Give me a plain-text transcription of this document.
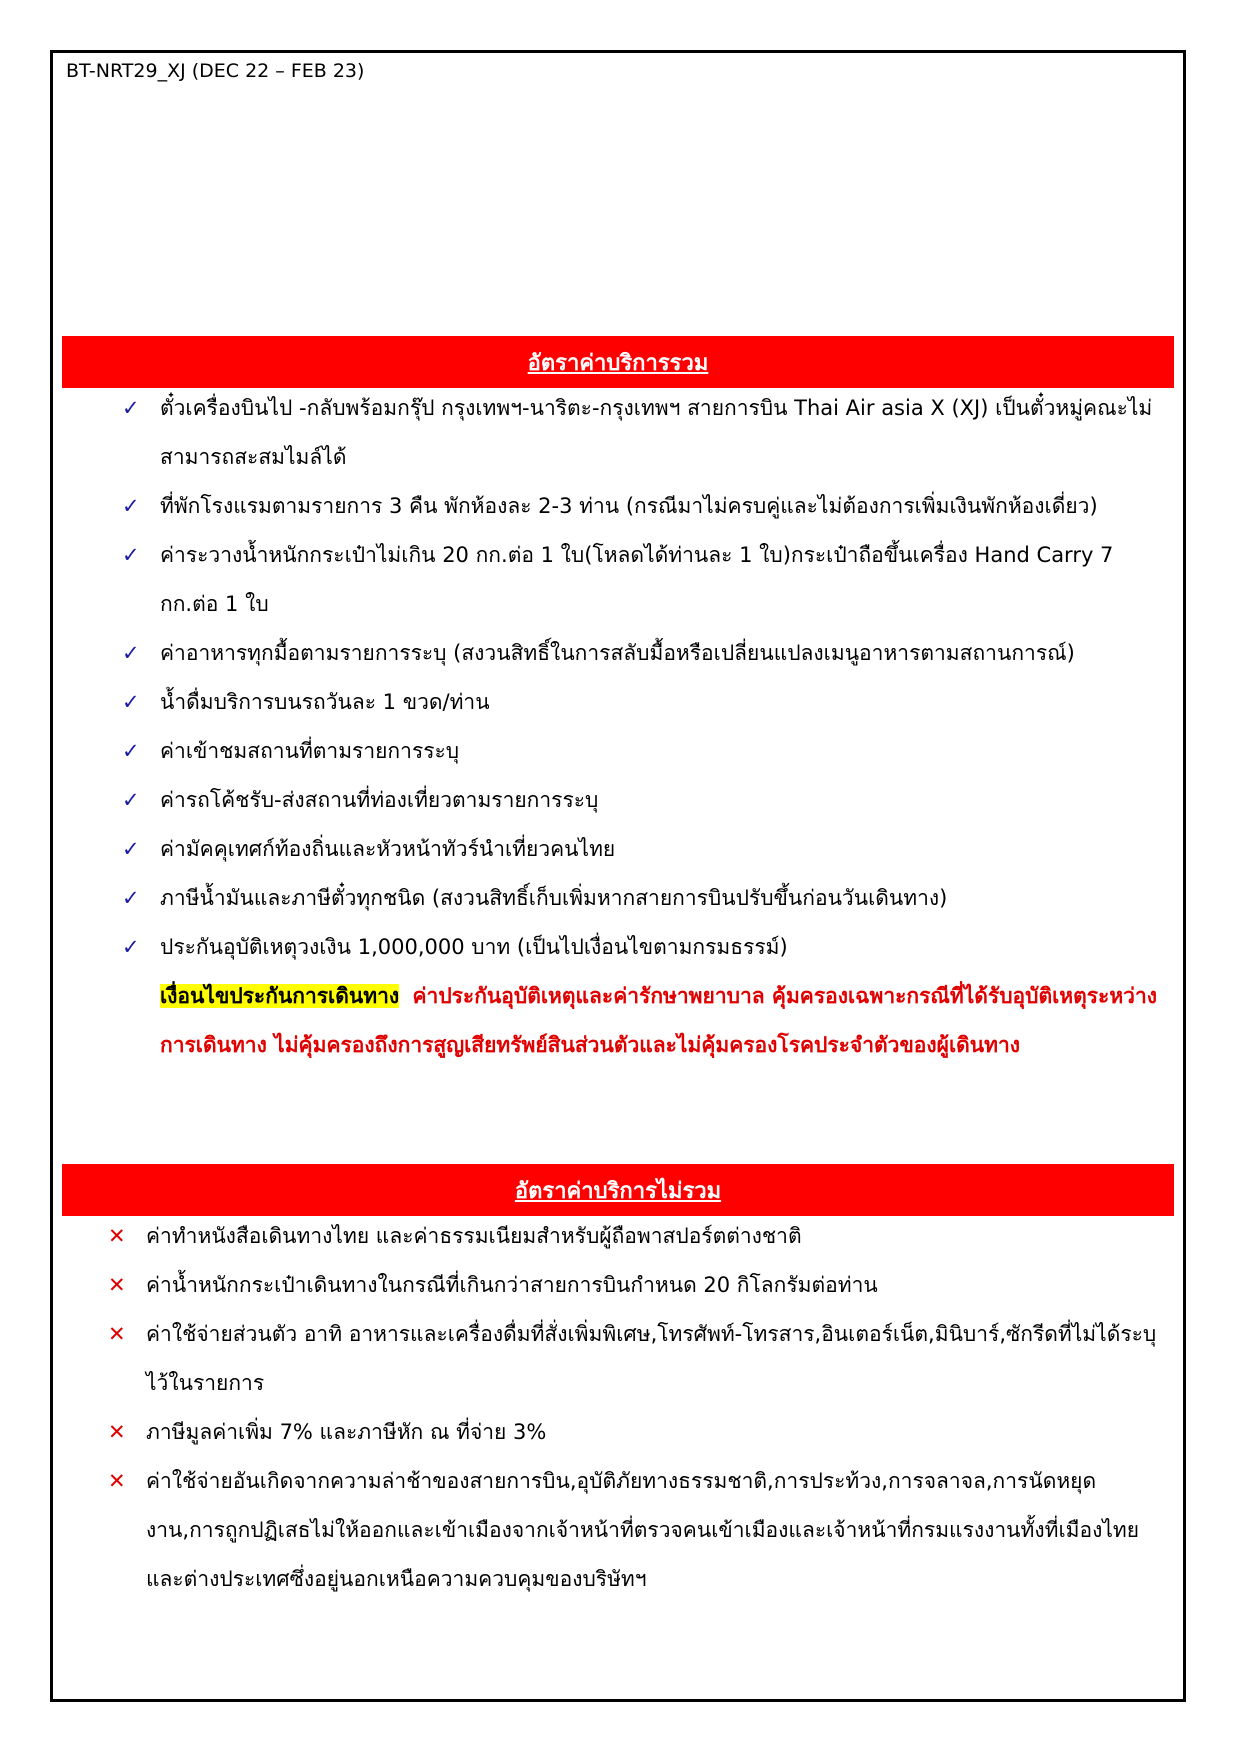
BT-NRT29_XJ (DEC 22 – FEB 23)
อัตราค่าบริการรวม
✓ ตั๋วเครื่องบินไป -กลับพร้อมกรุ๊ป กรุงเทพฯ-นาริตะ-กรุงเทพฯ สายการบิน Thai Air asia X (XJ) เป็นตั๋วหมู่คณะไม่สามารถสะสมไมล์ได้
✓ ที่พักโรงแรมตามรายการ 3 คืน พักห้องละ 2-3 ท่าน (กรณีมาไม่ครบคู่และไม่ต้องการเพิ่มเงินพักห้องเดี่ยว)
✓ ค่าระวางน้ำหนักกระเป๋าไม่เกิน 20 กก.ต่อ 1 ใบ(โหลดได้ท่านละ 1 ใบ)กระเป๋าถือขึ้นเครื่อง Hand Carry 7 กก.ต่อ 1 ใบ
✓ ค่าอาหารทุกมื้อตามรายการระบุ (สงวนสิทธิ์ในการสลับมื้อหรือเปลี่ยนแปลงเมนูอาหารตามสถานการณ์)
✓ น้ำดื่มบริการบนรถวันละ 1 ขวด/ท่าน
✓ ค่าเข้าชมสถานที่ตามรายการระบุ
✓ ค่ารถโค้ชรับ-ส่งสถานที่ท่องเที่ยวตามรายการระบุ
✓ ค่ามัคคุเทศก์ท้องถิ่นและหัวหน้าทัวร์นำเที่ยวคนไทย
✓ ภาษีน้ำมันและภาษีตั๋วทุกชนิด (สงวนสิทธิ์เก็บเพิ่มหากสายการบินปรับขึ้นก่อนวันเดินทาง)
✓ ประกันอุบัติเหตุวงเงิน 1,000,000 บาท (เป็นไปเงื่อนไขตามกรมธรรม์)
เงื่อนไขประกันการเดินทาง ค่าประกันอุบัติเหตุและค่ารักษาพยาบาล คุ้มครองเฉพาะกรณีที่ได้รับอุบัติเหตุระหว่างการเดินทาง ไม่คุ้มครองถึงการสูญเสียทรัพย์สินส่วนตัวและไม่คุ้มครองโรคประจำตัวของผู้เดินทาง
อัตราค่าบริการไม่รวม
✕ ค่าทำหนังสือเดินทางไทย และค่าธรรมเนียมสำหรับผู้ถือพาสปอร์ตต่างชาติ
✕ ค่าน้ำหนักกระเป๋าเดินทางในกรณีที่เกินกว่าสายการบินกำหนด 20 กิโลกรัมต่อท่าน
✕ ค่าใช้จ่ายส่วนตัว อาทิ อาหารและเครื่องดื่มที่สั่งเพิ่มพิเศษ,โทรศัพท์-โทรสาร,อินเตอร์เน็ต,มินิบาร์,ซักรีดที่ไม่ได้ระบุไว้ในรายการ
✕ ภาษีมูลค่าเพิ่ม 7% และภาษีหัก ณ ที่จ่าย 3%
✕ ค่าใช้จ่ายอันเกิดจากความล่าช้าของสายการบิน,อุบัติภัยทางธรรมชาติ,การประท้วง,การจลาจล,การนัดหยุดงาน,การถูกปฏิเสธไม่ให้ออกและเข้าเมืองจากเจ้าหน้าที่ตรวจคนเข้าเมืองและเจ้าหน้าที่กรมแรงงานทั้งที่เมืองไทยและต่างประเทศซึ่งอยู่นอกเหนือความควบคุมของบริษัทฯ
